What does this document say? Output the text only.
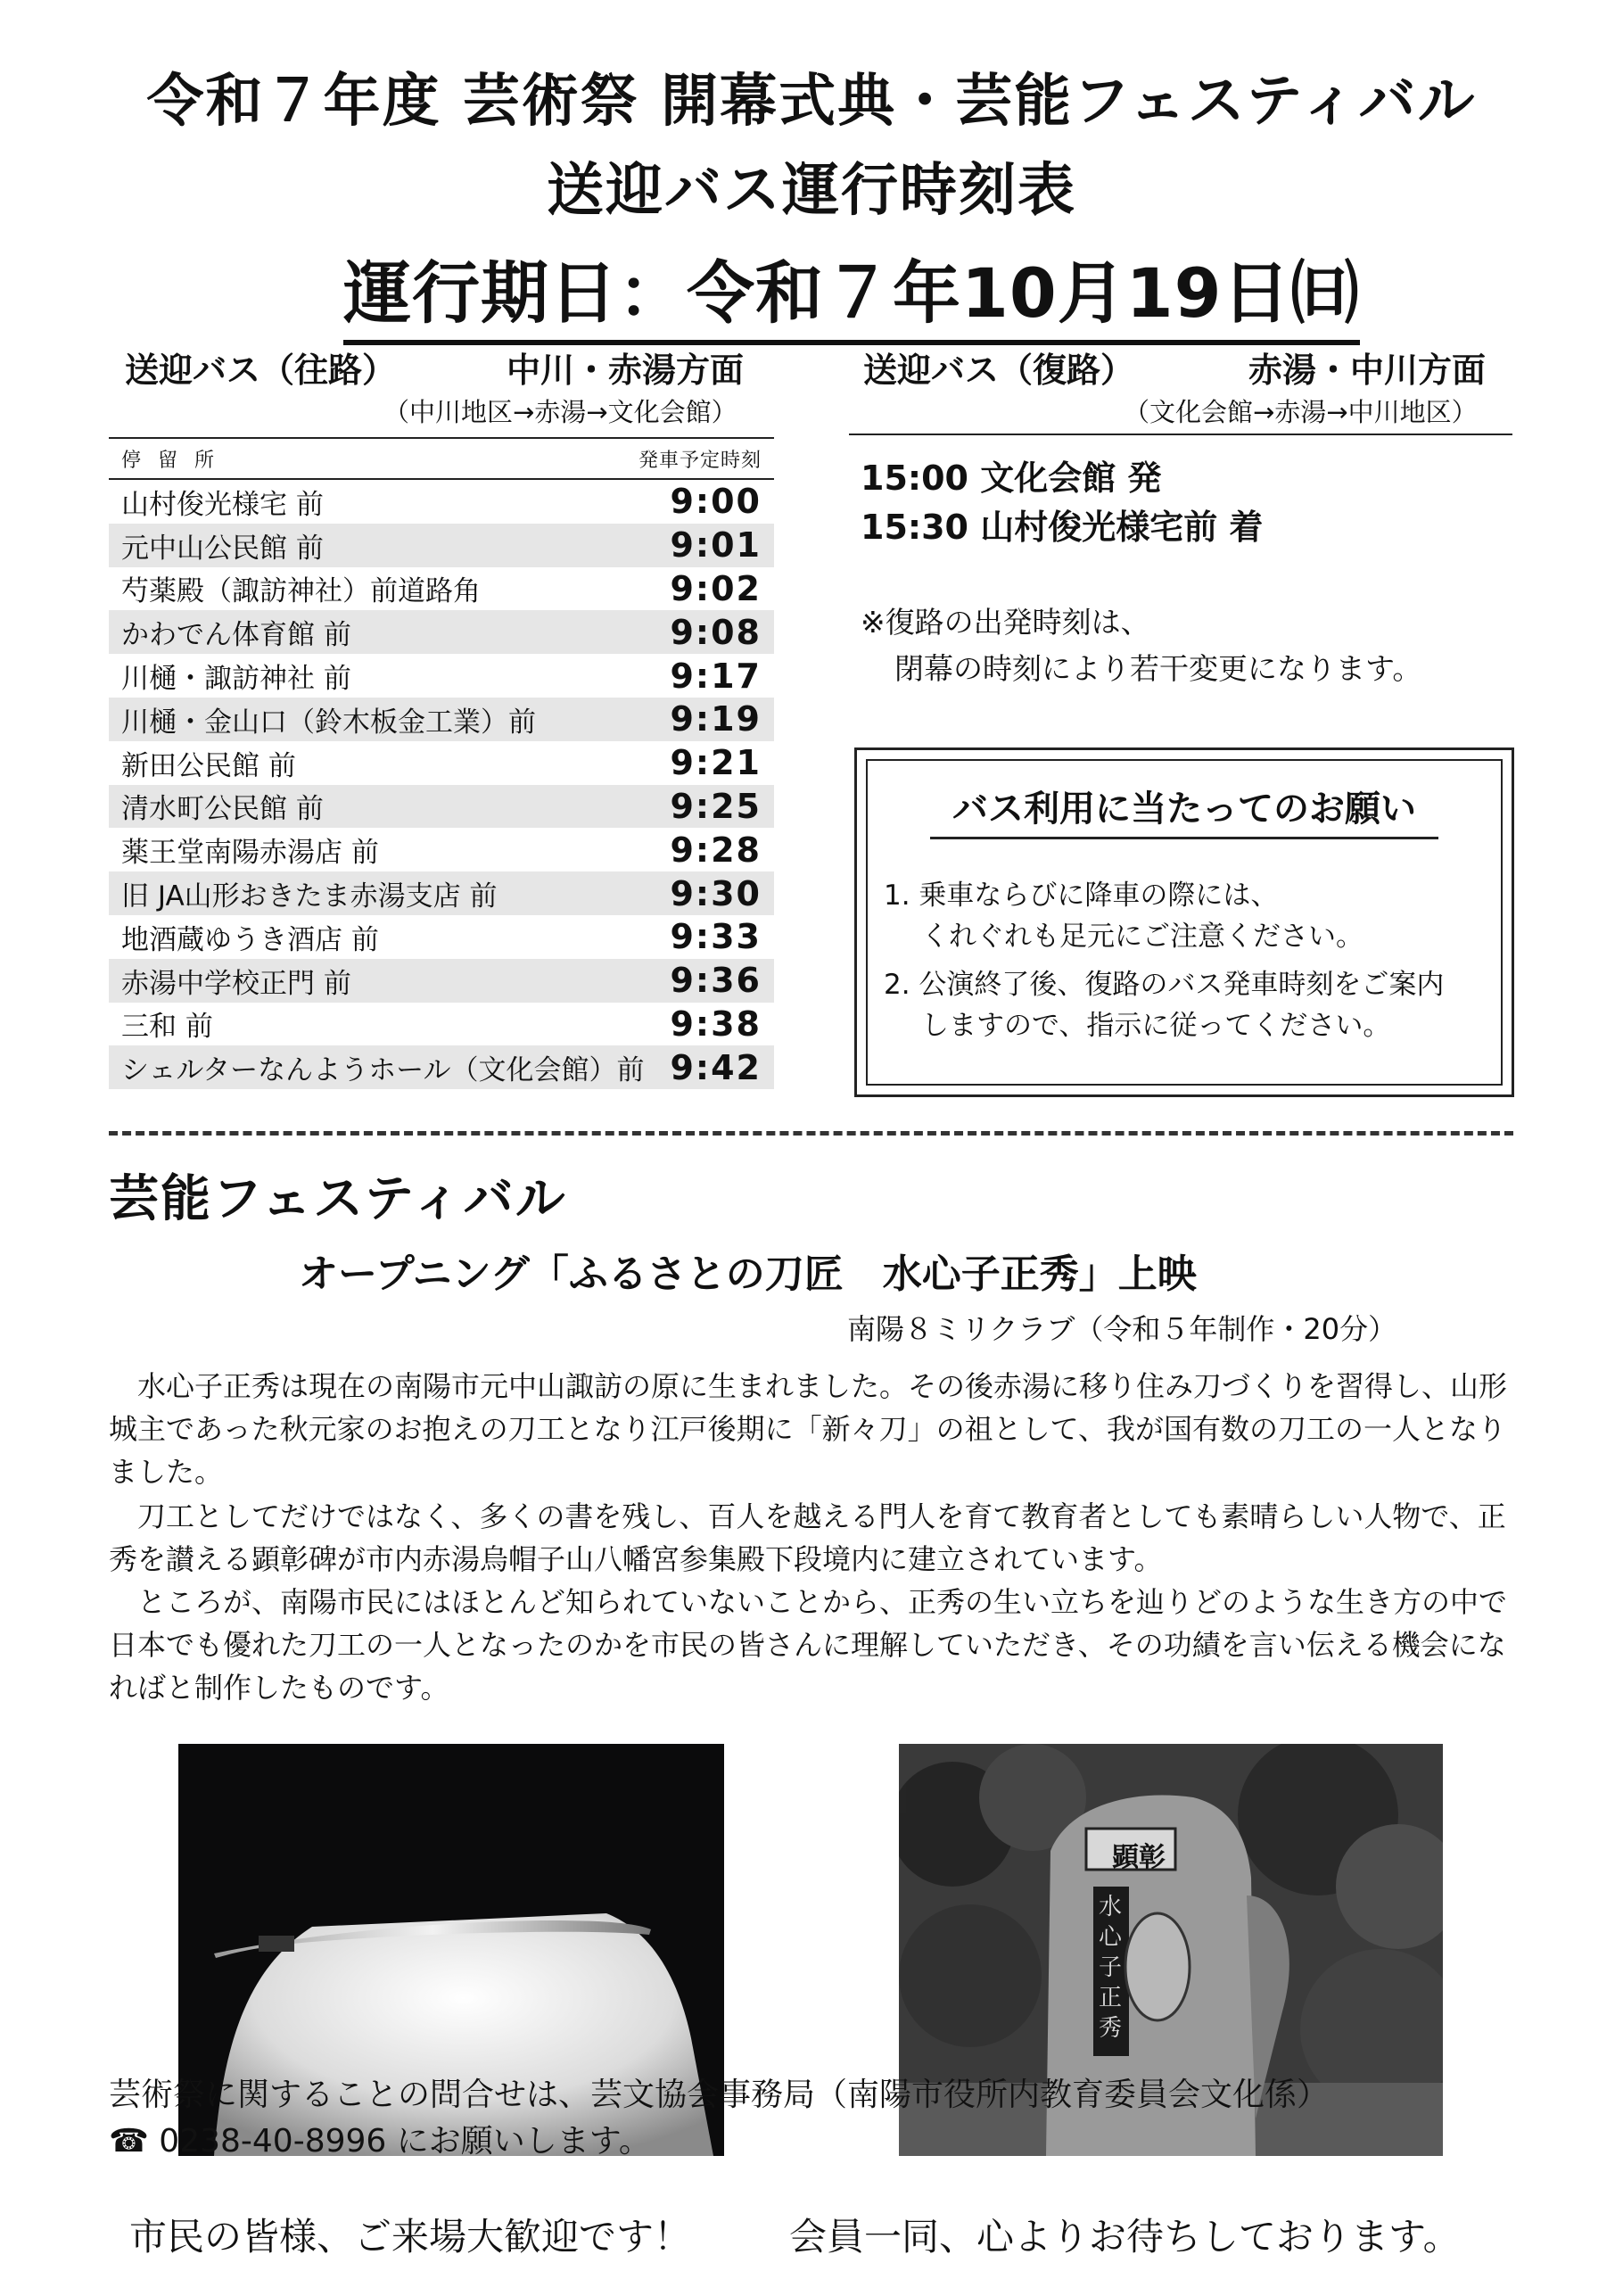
令和７年度 芸術祭 開幕式典・芸能フェスティバル
送迎バス運行時刻表
運行期日：令和７年10月19日㈰
送迎バス（往路）	中川・赤湯方面
（中川地区→赤湯→文化会館）
停 留 所	発車予定時刻
山村俊光様宅 前	9:00
元中山公民館 前	9:01
芍薬殿（諏訪神社）前道路角	9:02
かわでん体育館 前	9:08
川樋・諏訪神社 前	9:17
川樋・金山口（鈴木板金工業）前	9:19
新田公民館 前	9:21
清水町公民館 前	9:25
薬王堂南陽赤湯店 前	9:28
旧 JA山形おきたま赤湯支店 前	9:30
地酒蔵ゆうき酒店 前	9:33
赤湯中学校正門 前	9:36
三和 前	9:38
シェルターなんようホール（文化会館）前 9:42
送迎バス（復路）	赤湯・中川方面
（文化会館→赤湯→中川地区）
15:00 文化会館 発
15:30 山村俊光様宅前 着
※復路の出発時刻は、
閉幕の時刻により若干変更になります。
バス利用に当たってのお願い
1. 乗車ならびに降車の際には、
くれぐれも足元にご注意ください。
2. 公演終了後、復路のバス発車時刻をご案内
しますので、指示に従ってください。
芸能フェスティバル
オープニング「ふるさとの刀匠　水心子正秀」上映
南陽８ミリクラブ（令和５年制作・20分）
　水心子正秀は現在の南陽市元中山諏訪の原に生まれました。その後赤湯に移り住み刀づくりを習得し、山形城主であった秋元家のお抱えの刀工となり江戸後期に「新々刀」の祖として、我が国有数の刀工の一人となりました。
　刀工としてだけではなく、多くの書を残し、百人を越える門人を育て教育者としても素晴らしい人物で、正秀を讃える顕彰碑が市内赤湯烏帽子山八幡宮参集殿下段境内に建立されています。
　ところが、南陽市民にはほとんど知られていないことから、正秀の生い立ちを辿りどのような生き方の中で日本でも優れた刀工の一人となったのかを市民の皆さんに理解していただき、その功績を言い伝える機会になればと制作したものです。
顕彰
水心子正秀
芸術祭に関することの問合せは、芸文協会事務局（南陽市役所内教育委員会文化係）
☎ 0238-40-8996 にお願いします。
市民の皆様、ご来場大歓迎です！	会員一同、心よりお待ちしております。
